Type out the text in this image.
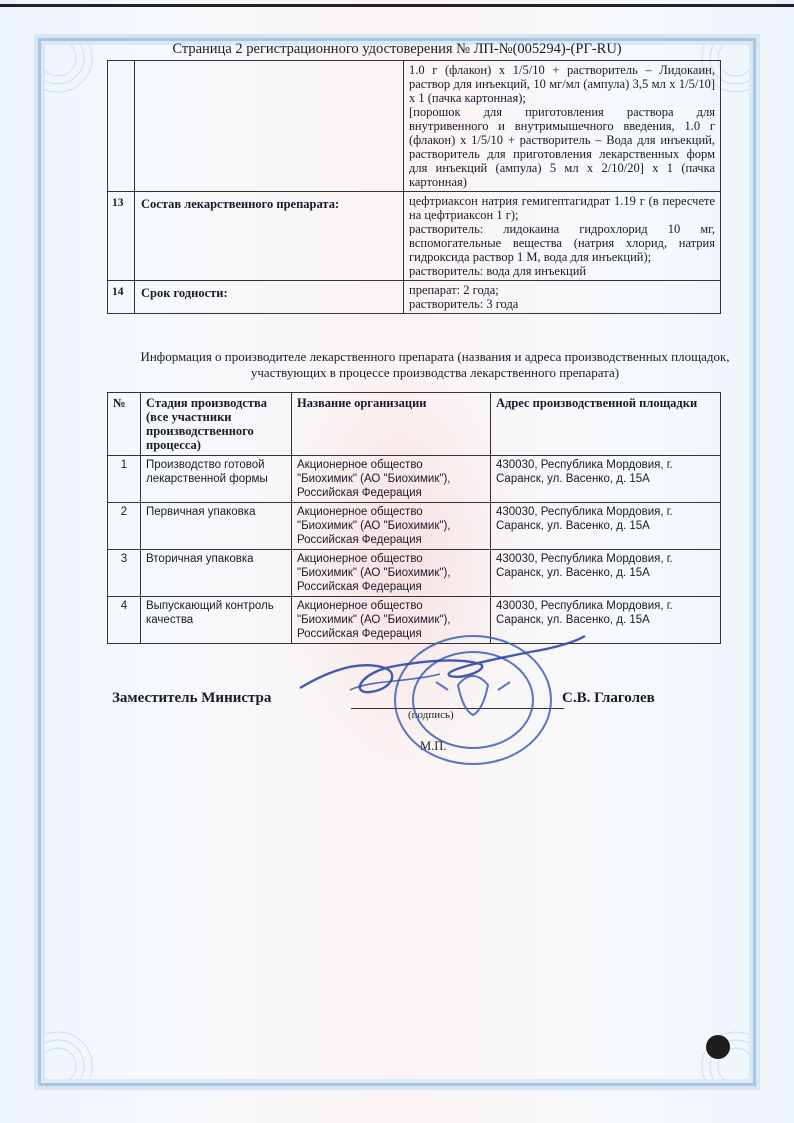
Страница 2 регистрационного удостоверения № ЛП-№(005294)-(РГ-RU)

		1.0 г (флакон) х 1/5/10 + растворитель – Лидокаин, раствор для инъекций, 10 мг/мл (ампула) 3,5 мл х 1/5/10] х 1 (пачка картонная);

[порошок для приготовления раствора для внутривенного и внутримышечного введения, 1.0 г (флакон) х 1/5/10 + растворитель – Вода для инъекций, растворитель для приготовления лекарственных форм для инъекций (ампула) 5 мл х 2/10/20] х 1 (пачка картонная)

13	Состав лекарственного препарата:	цефтриаксон натрия гемигептагидрат 1.19 г (в пересчете на цефтриаксон 1 г);

растворитель: лидокаина гидрохлорид 10 мг, вспомогательные вещества (натрия хлорид, натрия гидроксида раствор 1 М, вода для инъекций);

растворитель: вода для инъекций

14	Срок годности:	препарат: 2 года;

растворитель: 3 года

Информация о производителе лекарственного препарата (названия и адреса производственных площадок,
участвующих в процессе производства лекарственного препарата)
№	Стадия производства (все участники производственного процесса)	Название организации	Адрес производственной площадки
1	Производство готовой лекарственной формы	Акционерное общество "Биохимик" (АО "Биохимик"), Российская Федерация	430030, Республика Мордовия, г. Саранск, ул. Васенко, д. 15А
2	Первичная упаковка	Акционерное общество "Биохимик" (АО "Биохимик"), Российская Федерация	430030, Республика Мордовия, г. Саранск, ул. Васенко, д. 15А
3	Вторичная упаковка	Акционерное общество "Биохимик" (АО "Биохимик"), Российская Федерация	430030, Республика Мордовия, г. Саранск, ул. Васенко, д. 15А
4	Выпускающий контроль качества	Акционерное общество "Биохимик" (АО "Биохимик"), Российская Федерация	430030, Республика Мордовия, г. Саранск, ул. Васенко, д. 15А
Заместитель Министра
(подпись)
М.П.
С.В. Глаголев
